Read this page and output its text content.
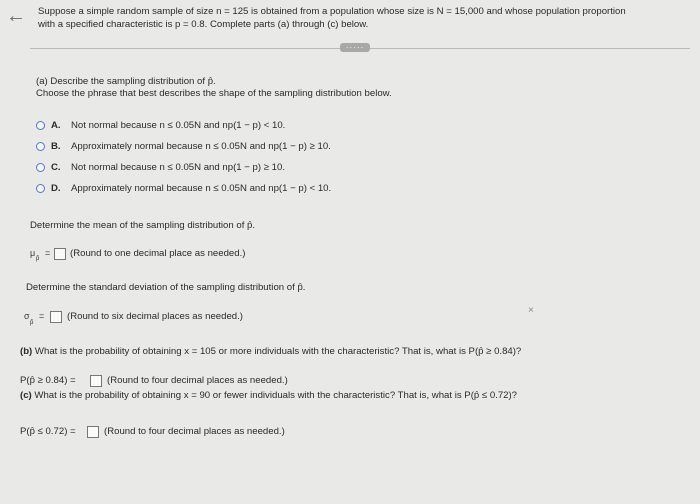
← Suppose a simple random sample of size n = 125 is obtained from a population whose size is N = 15,000 and whose population proportion
with a specified characteristic is p = 0.8. Complete parts (a) through (c) below.
·····
(a) Describe the sampling distribution of p̂.
Choose the phrase that best describes the shape of the sampling distribution below.
A. Not normal because n ≤ 0.05N and np(1 − p) < 10.
B. Approximately normal because n ≤ 0.05N and np(1 − p) ≥ 10.
C. Not normal because n ≤ 0.05N and np(1 − p) ≥ 10.
D. Approximately normal because n ≤ 0.05N and np(1 − p) < 10.
Determine the mean of the sampling distribution of p̂.
μ
p̂
= (Round to one decimal place as needed.)
Determine the standard deviation of the sampling distribution of p̂.
σ
p̂
= (Round to six decimal places as needed.)
×
(b) What is the probability of obtaining x = 105 or more individuals with the characteristic? That is, what is P(p̂ ≥ 0.84)?
P(p̂ ≥ 0.84) =	(Round to four decimal places as needed.)
(c) What is the probability of obtaining x = 90 or fewer individuals with the characteristic? That is, what is P(p̂ ≤ 0.72)?
P(p̂ ≤ 0.72) =	(Round to four decimal places as needed.)
